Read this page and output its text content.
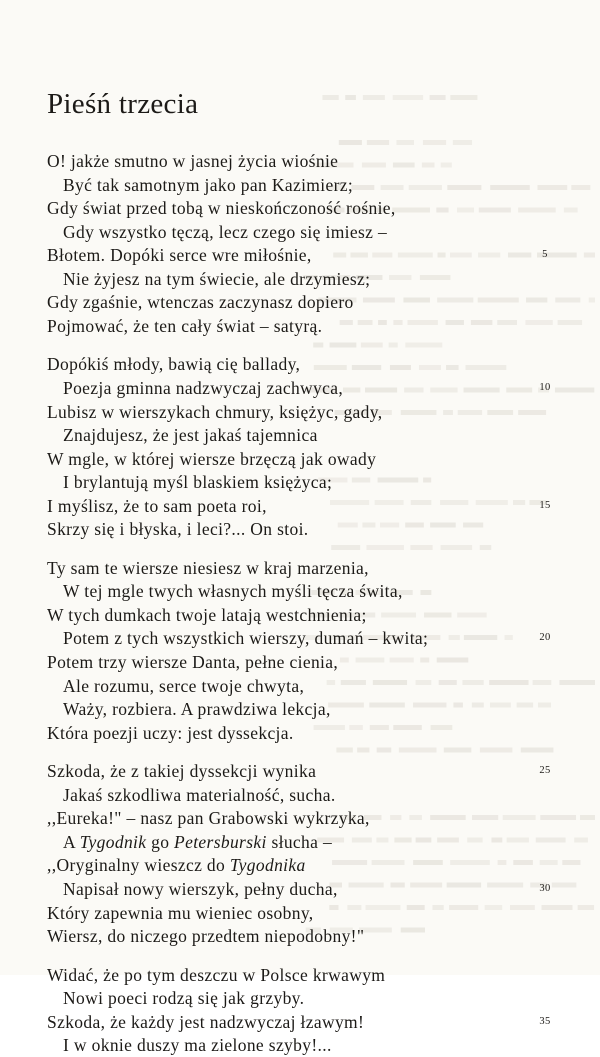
Pieśń trzecia
O! jakże smutno w jasnej życia wiośnie
Być tak samotnym jako pan Kazimierz;
Gdy świat przed tobą w nieskończoność rośnie,
Gdy wszystko tęczą, lecz czego się imiesz –
Błotem. Dopóki serce wre miłośnie,	5
Nie żyjesz na tym świecie, ale drzymiesz;
Gdy zgaśnie, wtenczas zaczynasz dopiero
Pojmować, że ten cały świat – satyrą.
Dopókiś młody, bawią cię ballady,
Poezja gminna nadzwyczaj zachwyca,	10
Lubisz w wierszykach chmury, księżyc, gady,
Znajdujesz, że jest jakaś tajemnica
W mgle, w której wiersze brzęczą jak owady
I brylantują myśl blaskiem księżyca;
I myślisz, że to sam poeta roi,	15
Skrzy się i błyska, i leci?... On stoi.
Ty sam te wiersze niesiesz w kraj marzenia,
W tej mgle twych własnych myśli tęcza świta,
W tych dumkach twoje latają westchnienia;
Potem z tych wszystkich wierszy, dumań – kwita;	20
Potem trzy wiersze Danta, pełne cienia,
Ale rozumu, serce twoje chwyta,
Waży, rozbiera. A prawdziwa lekcja,
Która poezji uczy: jest dyssekcja.
Szkoda, że z takiej dyssekcji wynika	25
Jakaś szkodliwa materialność, sucha.
,,Eureka!" – nasz pan Grabowski wykrzyka,
A Tygodnik go Petersburski słucha –
,,Oryginalny wieszcz do Tygodnika
Napisał nowy wierszyk, pełny ducha,	30
Który zapewnia mu wieniec osobny,
Wiersz, do niczego przedtem niepodobny!"
Widać, że po tym deszczu w Polsce krwawym
Nowi poeci rodzą się jak grzyby.
Szkoda, że każdy jest nadzwyczaj łzawym!	35
I w oknie duszy ma zielone szyby!...
